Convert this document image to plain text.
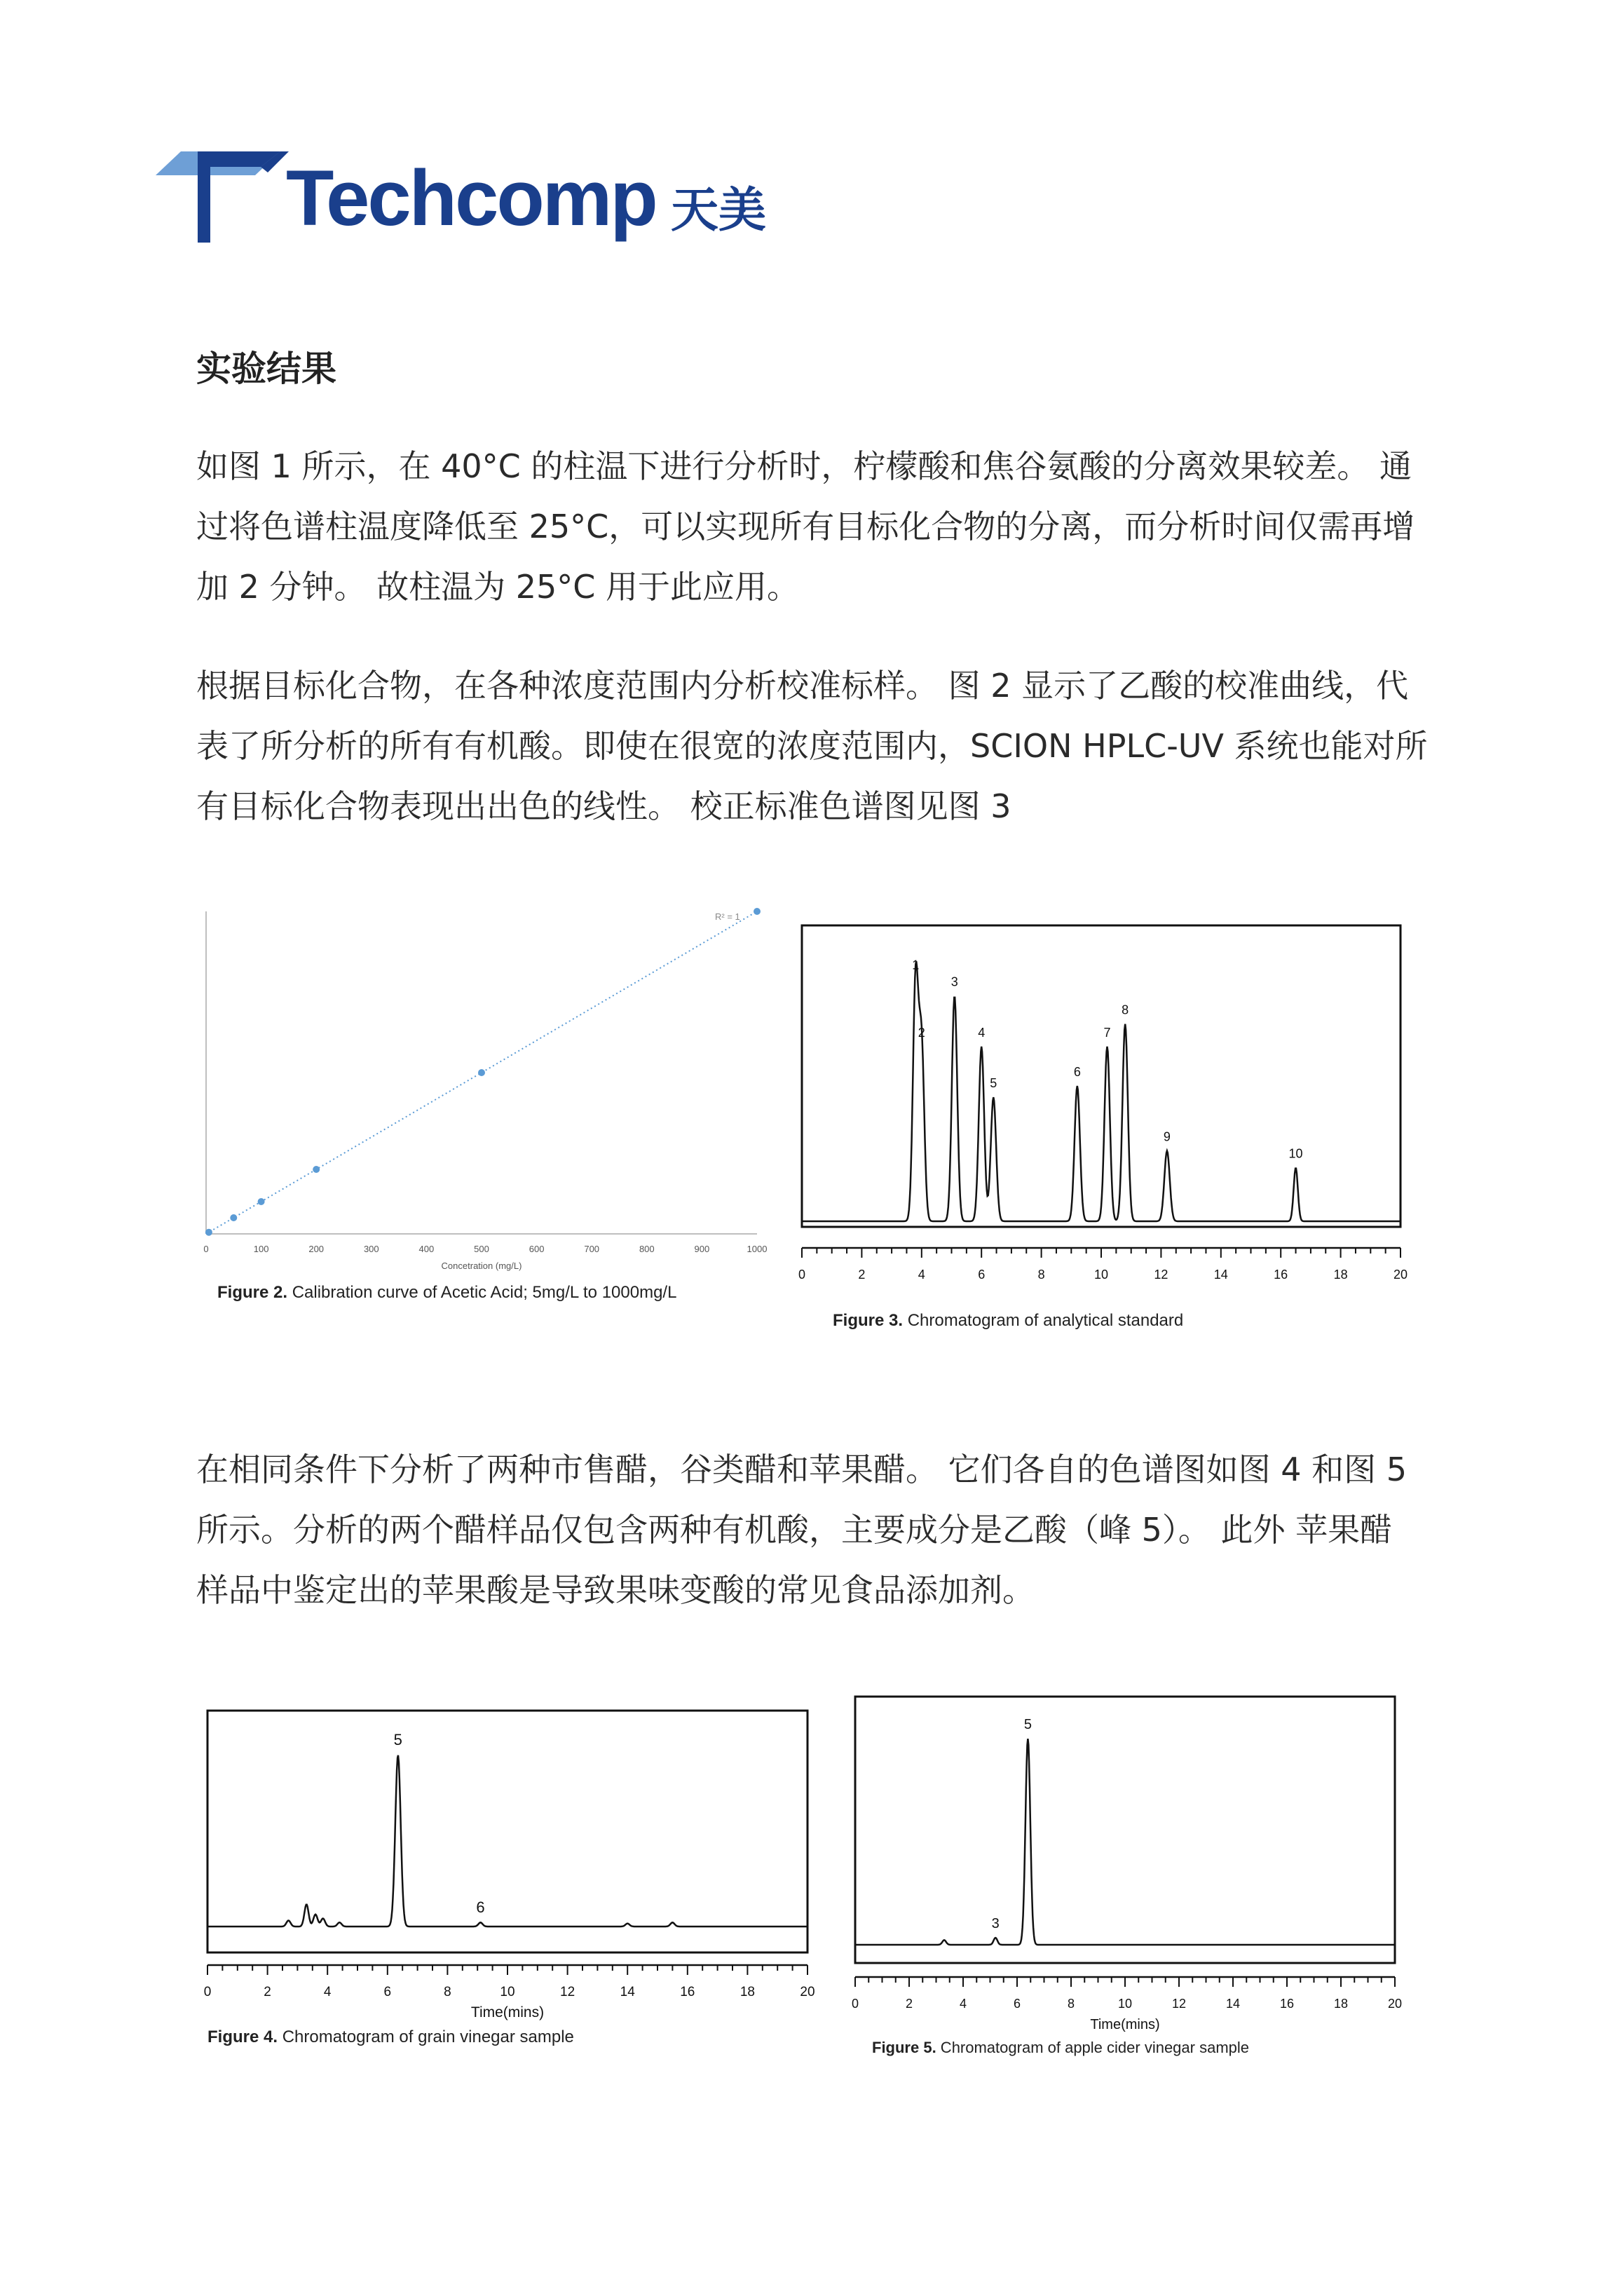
Techcomp 天美
实验结果
如图 1 所示，在 40°C 的柱温下进行分析时，柠檬酸和焦谷氨酸的分离效果较差。 通
过将色谱柱温度降低至 25°C，可以实现所有目标化合物的分离，而分析时间仅需再增
加 2 分钟。 故柱温为 25°C 用于此应用。
根据目标化合物，在各种浓度范围内分析校准标样。 图 2 显示了乙酸的校准曲线，代
表了所分析的所有有机酸。即使在很宽的浓度范围内，SCION HPLC-UV 系统也能对所
有目标化合物表现出出色的线性。 校正标准色谱图见图 3
0	100	200	300	400	500	600	700	800	900	1000
Concetration (mg/L)
R² = 1
Figure 2. Calibration curve of Acetic Acid; 5mg/L to 1000mg/L
1
2
3
4
5
6
7
8
9
10
0	2	4	6	8	10	12	14	16	18	20
Figure 3. Chromatogram of analytical standard
在相同条件下分析了两种市售醋，谷类醋和苹果醋。 它们各自的色谱图如图 4 和图 5
所示。分析的两个醋样品仅包含两种有机酸，主要成分是乙酸（峰 5）。 此外 苹果醋
样品中鉴定出的苹果酸是导致果味变酸的常见食品添加剂。
5
6
0	2	4	6	8	10	12	14	16	18	20
Time(mins)
Figure 4. Chromatogram of grain vinegar sample
3
5
0	2	4	6	8	10	12	14	16	18	20
Time(mins)
Figure 5. Chromatogram of apple cider vinegar sample
